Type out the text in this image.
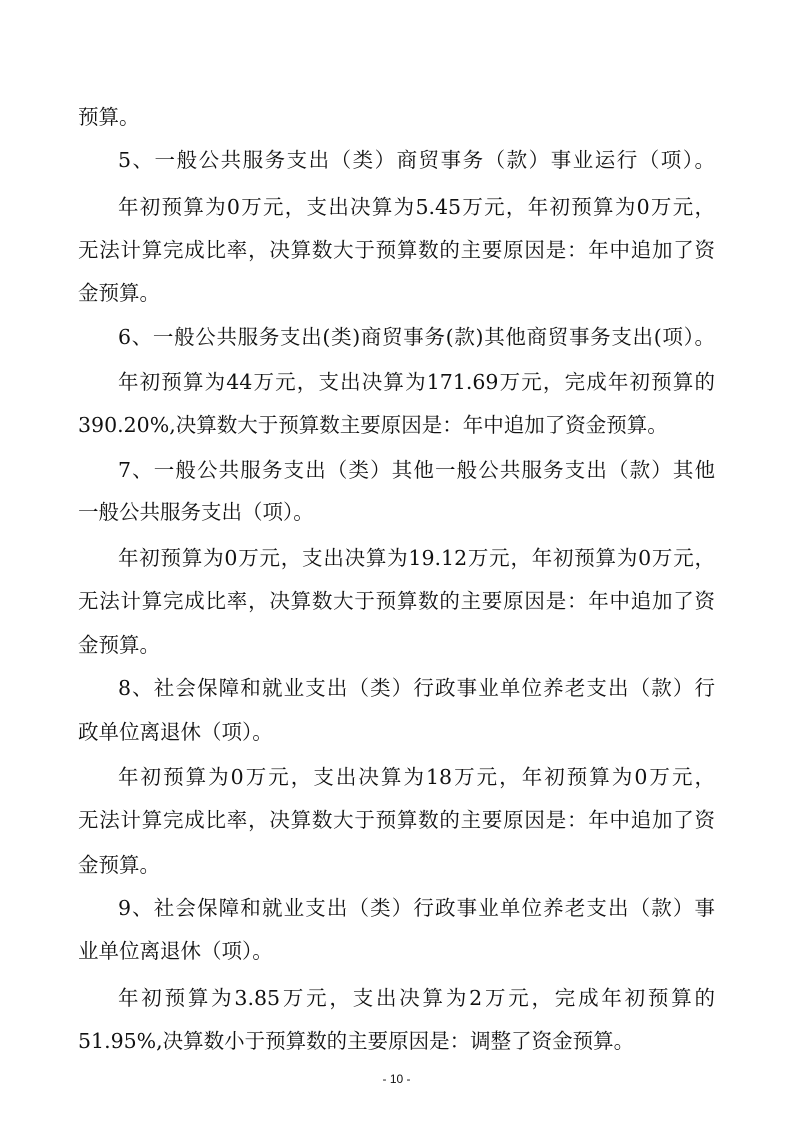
预算。
5、一般公共服务支出（类）商贸事务（款）事业运行（项）。
年初预算为0万元，支出决算为5.45万元，年初预算为0万元，
无法计算完成比率，决算数大于预算数的主要原因是：年中追加了资
金预算。
6、一般公共服务支出(类)商贸事务(款)其他商贸事务支出(项）。
年初预算为44万元，支出决算为171.69万元，完成年初预算的
390.20%,决算数大于预算数主要原因是：年中追加了资金预算。
7、一般公共服务支出（类）其他一般公共服务支出（款）其他
一般公共服务支出（项）。
年初预算为0万元，支出决算为19.12万元，年初预算为0万元，
无法计算完成比率，决算数大于预算数的主要原因是：年中追加了资
金预算。
8、社会保障和就业支出（类）行政事业单位养老支出（款）行
政单位离退休（项）。
年初预算为0万元，支出决算为18万元，年初预算为0万元，
无法计算完成比率，决算数大于预算数的主要原因是：年中追加了资
金预算。
9、社会保障和就业支出（类）行政事业单位养老支出（款）事
业单位离退休（项）。
年初预算为3.85万元，支出决算为2万元，完成年初预算的
51.95%,决算数小于预算数的主要原因是：调整了资金预算。
- 10 -
